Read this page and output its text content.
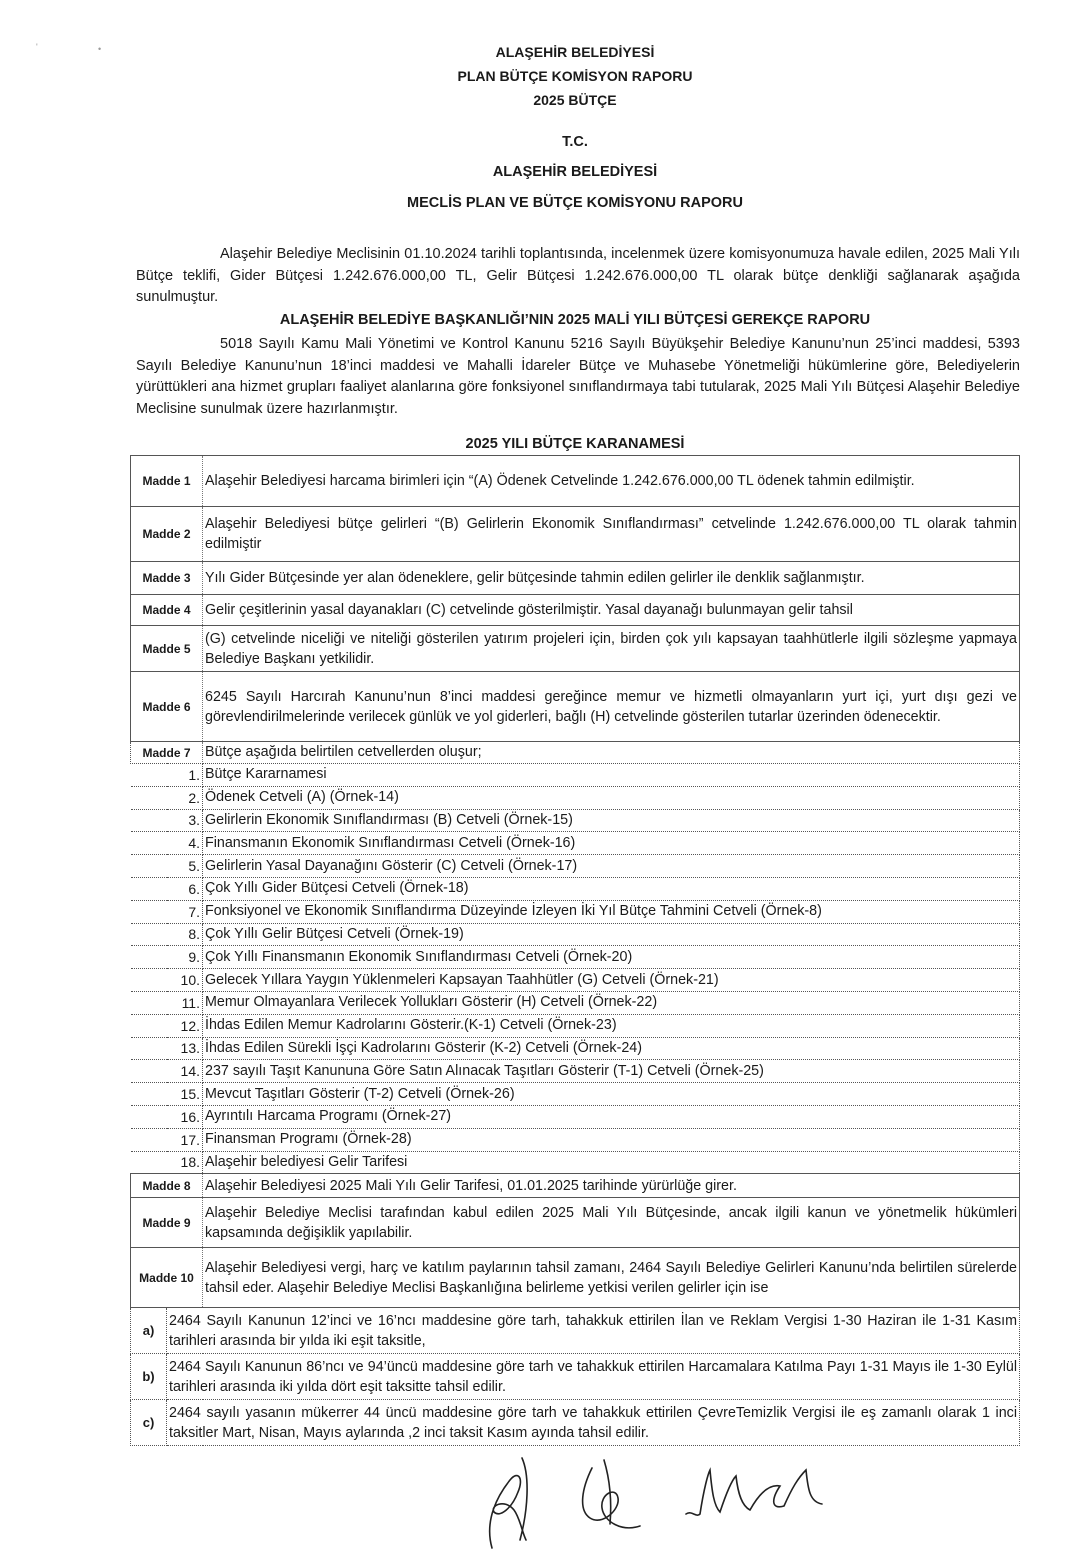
'	•	ALAŞEHİR BELEDİYESİ
PLAN BÜTÇE KOMİSYON RAPORU
2025 BÜTÇE
T.C.
ALAŞEHİR BELEDİYESİ
MECLİS PLAN VE BÜTÇE KOMİSYONU RAPORU
Alaşehir Belediye Meclisinin 01.10.2024 tarihli toplantısında, incelenmek üzere komisyonumuza havale edilen, 2025 Mali Yılı Bütçe teklifi, Gider Bütçesi 1.242.676.000,00 TL, Gelir Bütçesi 1.242.676.000,00 TL olarak bütçe denkliği sağlanarak aşağıda sunulmuştur.
ALAŞEHİR BELEDİYE BAŞKANLIĞI’NIN 2025 MALİ YILI BÜTÇESİ GEREKÇE RAPORU
5018 Sayılı Kamu Mali Yönetimi ve Kontrol Kanunu 5216 Sayılı Büyükşehir Belediye Kanunu’nun 25’inci maddesi, 5393 Sayılı Belediye Kanunu’nun 18’inci maddesi ve Mahalli İdareler Bütçe ve Muhasebe Yönetmeliği hükümlerine göre, Belediyelerin yürüttükleri ana hizmet grupları faaliyet alanlarına göre fonksiyonel sınıflandırmaya tabi tutularak, 2025 Mali Yılı Bütçesi Alaşehir Belediye Meclisine sunulmak üzere hazırlanmıştır.
2025 YILI BÜTÇE KARANAMESİ
Madde 1		Alaşehir Belediyesi harcama birimleri için “(A) Ödenek Cetvelinde 1.242.676.000,00 TL ödenek tahmin edilmiştir.
Madde 2		Alaşehir Belediyesi bütçe gelirleri “(B) Gelirlerin Ekonomik Sınıflandırması” cetvelinde 1.242.676.000,00 TL olarak tahmin edilmiştir
Madde 3		Yılı Gider Bütçesinde yer alan ödeneklere, gelir bütçesinde tahmin edilen gelirler ile denklik sağlanmıştır.
Madde 4		Gelir çeşitlerinin yasal dayanakları (C) cetvelinde gösterilmiştir. Yasal dayanağı bulunmayan gelir tahsil
Madde 5		(G) cetvelinde niceliği ve niteliği gösterilen yatırım projeleri için, birden çok yılı kapsayan taahhütlerle ilgili sözleşme yapmaya Belediye Başkanı yetkilidir.
Madde 6		6245 Sayılı Harcırah Kanunu’nun 8’inci maddesi gereğince memur ve hizmetli olmayanların yurt içi, yurt dışı gezi ve görevlendirilmelerinde verilecek günlük ve yol giderleri, bağlı (H) cetvelinde gösterilen tutarlar üzerinden ödenecektir.
Madde 7		Bütçe aşağıda belirtilen cetvellerden oluşur;
1.		Bütçe Kararnamesi
2.		Ödenek Cetveli (A) (Örnek-14)
3.		Gelirlerin Ekonomik Sınıflandırması (B) Cetveli (Örnek-15)
4.		Finansmanın Ekonomik Sınıflandırması Cetveli (Örnek-16)
5.		Gelirlerin Yasal Dayanağını Gösterir (C) Cetveli (Örnek-17)
6.		Çok Yıllı Gider Bütçesi Cetveli (Örnek-18)
7.		Fonksiyonel ve Ekonomik Sınıflandırma Düzeyinde İzleyen İki Yıl Bütçe Tahmini Cetveli (Örnek-8)
8.		Çok Yıllı Gelir Bütçesi Cetveli (Örnek-19)
9.		Çok Yıllı Finansmanın Ekonomik Sınıflandırması Cetveli (Örnek-20)
10.		Gelecek Yıllara Yaygın Yüklenmeleri Kapsayan Taahhütler (G) Cetveli (Örnek-21)
11.		Memur Olmayanlara Verilecek Yollukları Gösterir (H) Cetveli (Örnek-22)
12.		İhdas Edilen Memur Kadrolarını Gösterir.(K-1) Cetveli (Örnek-23)
13.		İhdas Edilen Sürekli İşçi Kadrolarını Gösterir (K-2) Cetveli (Örnek-24)
14.		237 sayılı Taşıt Kanununa Göre Satın Alınacak Taşıtları Gösterir (T-1) Cetveli (Örnek-25)
15.		Mevcut Taşıtları Gösterir (T-2) Cetveli (Örnek-26)
16.		Ayrıntılı Harcama Programı (Örnek-27)
17.		Finansman Programı (Örnek-28)
18.		Alaşehir belediyesi Gelir Tarifesi
Madde 8		Alaşehir Belediyesi 2025 Mali Yılı Gelir Tarifesi, 01.01.2025 tarihinde yürürlüğe girer.
Madde 9		Alaşehir Belediye Meclisi tarafından kabul edilen 2025 Mali Yılı Bütçesinde, ancak ilgili kanun ve yönetmelik hükümleri kapsamında değişiklik yapılabilir.
Madde 10		Alaşehir Belediyesi vergi, harç ve katılım paylarının tahsil zamanı, 2464 Sayılı Belediye Gelirleri Kanunu’nda belirtilen sürelerde tahsil eder. Alaşehir Belediye Meclisi Başkanlığına belirleme yetkisi verilen gelirler için ise
a)	2464 Sayılı Kanunun 12’inci ve 16’ncı maddesine göre tarh, tahakkuk ettirilen İlan ve Reklam Vergisi 1-30 Haziran ile 1-31 Kasım tarihleri arasında bir yılda iki eşit taksitle,	
b)	2464 Sayılı Kanunun 86’ncı ve 94’üncü maddesine göre tarh ve tahakkuk ettirilen Harcamalara Katılma Payı 1-31 Mayıs ile 1-30 Eylül tarihleri arasında iki yılda dört eşit taksitte tahsil edilir.	
c)	2464 sayılı yasanın mükerrer 44 üncü maddesine göre tarh ve tahakkuk ettirilen ÇevreTemizlik Vergisi ile eş zamanlı olarak 1 inci taksitler Mart, Nisan, Mayıs aylarında ,2 inci taksit Kasım ayında tahsil edilir.	
